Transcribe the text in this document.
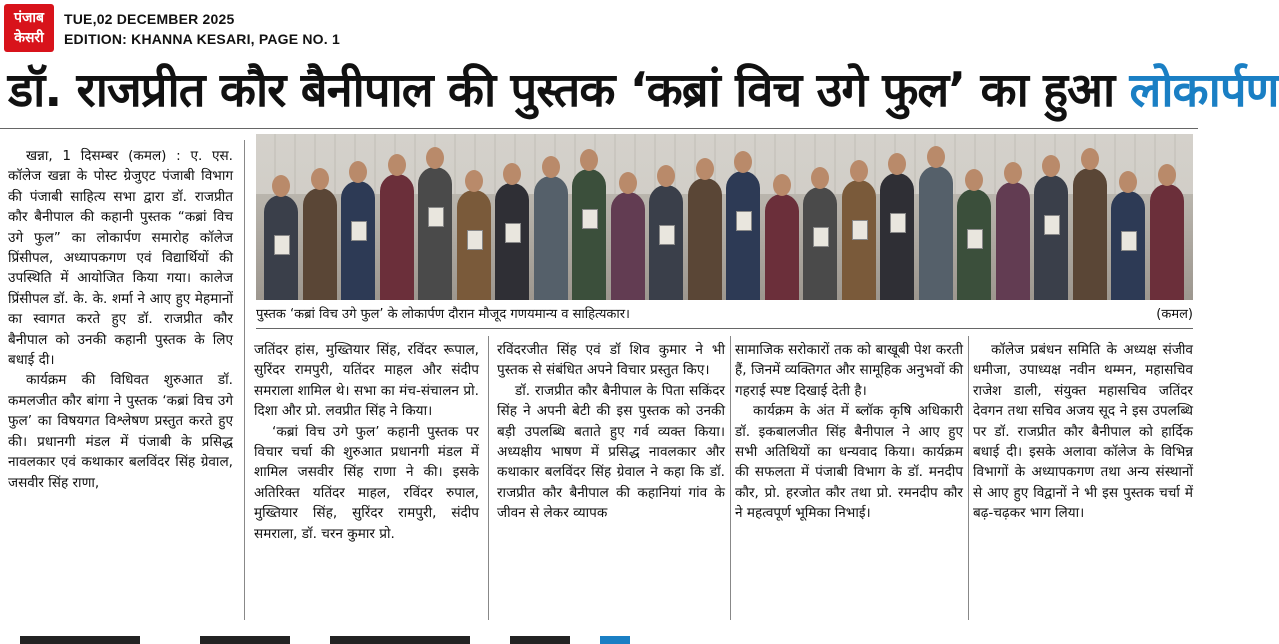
पंजाब
केसरी
TUE,02 DECEMBER 2025
EDITION: KHANNA KESARI, PAGE NO. 1
डॉ. राजप्रीत कौर बैनीपाल की पुस्तक ‘कब्रां विच उगे फुल’ का हुआ लोकार्पण

खन्ना, 1 दिसम्बर (कमल) : ए. एस. कॉलेज खन्ना के पोस्ट ग्रेजुएट पंजाबी विभाग की पंजाबी साहित्य सभा द्वारा डॉ. राजप्रीत कौर बैनीपाल की कहानी पुस्तक “कब्रां विच उगे फुल” का लोकार्पण समारोह कॉलेज प्रिंसीपल, अध्यापकगण एवं विद्यार्थियों की उपस्थिति में आयोजित किया गया। कालेज प्रिंसीपल डॉ. के. के. शर्मा ने आए हुए मेहमानों का स्वागत करते हुए डॉ. राजप्रीत कौर बैनीपाल को उनकी कहानी पुस्तक के लिए बधाई दी।

कार्यक्रम की विधिवत शुरुआत डॉ. कमलजीत कौर बांगा ने पुस्तक ‘कब्रां विच उगे फुल’ का विषयगत विश्लेषण प्रस्तुत करते हुए की। प्रधानगी मंडल में पंजाबी के प्रसिद्ध नावलकार एवं कथाकार बलविंदर सिंह ग्रेवाल, जसवीर सिंह राणा,

पुस्तक ‘कब्रां विच उगे फुल’ के लोकार्पण दौरान मौजूद गणयमान्य व साहित्यकार।	(कमल)

जतिंदर हांस, मुख्तियार सिंह, रविंदर रूपाल, सुरिंदर रामपुरी, यतिंदर माहल और संदीप समराला शामिल थे। सभा का मंच-संचालन प्रो. दिशा और प्रो. लवप्रीत सिंह ने किया।

‘कब्रां विच उगे फुल’ कहानी पुस्तक पर विचार चर्चा की शुरुआत प्रधानगी मंडल में शामिल जसवीर सिंह राणा ने की। इसके अतिरिक्त यतिंदर माहल, रविंदर रुपाल, मुख्तियार सिंह, सुरिंदर रामपुरी, संदीप समराला, डॉ. चरन कुमार प्रो.

रविंदरजीत सिंह एवं डॉ शिव कुमार ने भी पुस्तक से संबंधित अपने विचार प्रस्तुत किए।

डॉ. राजप्रीत कौर बैनीपाल के पिता सकिंदर सिंह ने अपनी बेटी की इस पुस्तक को उनकी बड़ी उपलब्धि बताते हुए गर्व व्यक्त किया। अध्यक्षीय भाषण में प्रसिद्ध नावलकार और कथाकार बलविंदर सिंह ग्रेवाल ने कहा कि डॉ. राजप्रीत कौर बैनीपाल की कहानियां गांव के जीवन से लेकर व्यापक

सामाजिक सरोकारों तक को बाखूबी पेश करती हैं, जिनमें व्यक्तिगत और सामूहिक अनुभवों की गहराई स्पष्ट दिखाई देती है।

कार्यक्रम के अंत में ब्लॉक कृषि अधिकारी डॉ. इकबालजीत सिंह बैनीपाल ने आए हुए सभी अतिथियों का धन्यवाद किया। कार्यक्रम की सफलता में पंजाबी विभाग के डॉ. मनदीप कौर, प्रो. हरजोत कौर तथा प्रो. रमनदीप कौर ने महत्वपूर्ण भूमिका निभाई।

कॉलेज प्रबंधन समिति के अध्यक्ष संजीव धमीजा, उपाध्यक्ष नवीन थम्मन, महासचिव राजेश डाली, संयुक्त महासचिव जतिंदर देवगन तथा सचिव अजय सूद ने इस उपलब्धि पर डॉ. राजप्रीत कौर बैनीपाल को हार्दिक बधाई दी। इसके अलावा कॉलेज के विभिन्न विभागों के अध्यापकगण तथा अन्य संस्थानों से आए हुए विद्वानों ने भी इस पुस्तक चर्चा में बढ़-चढ़कर भाग लिया।
